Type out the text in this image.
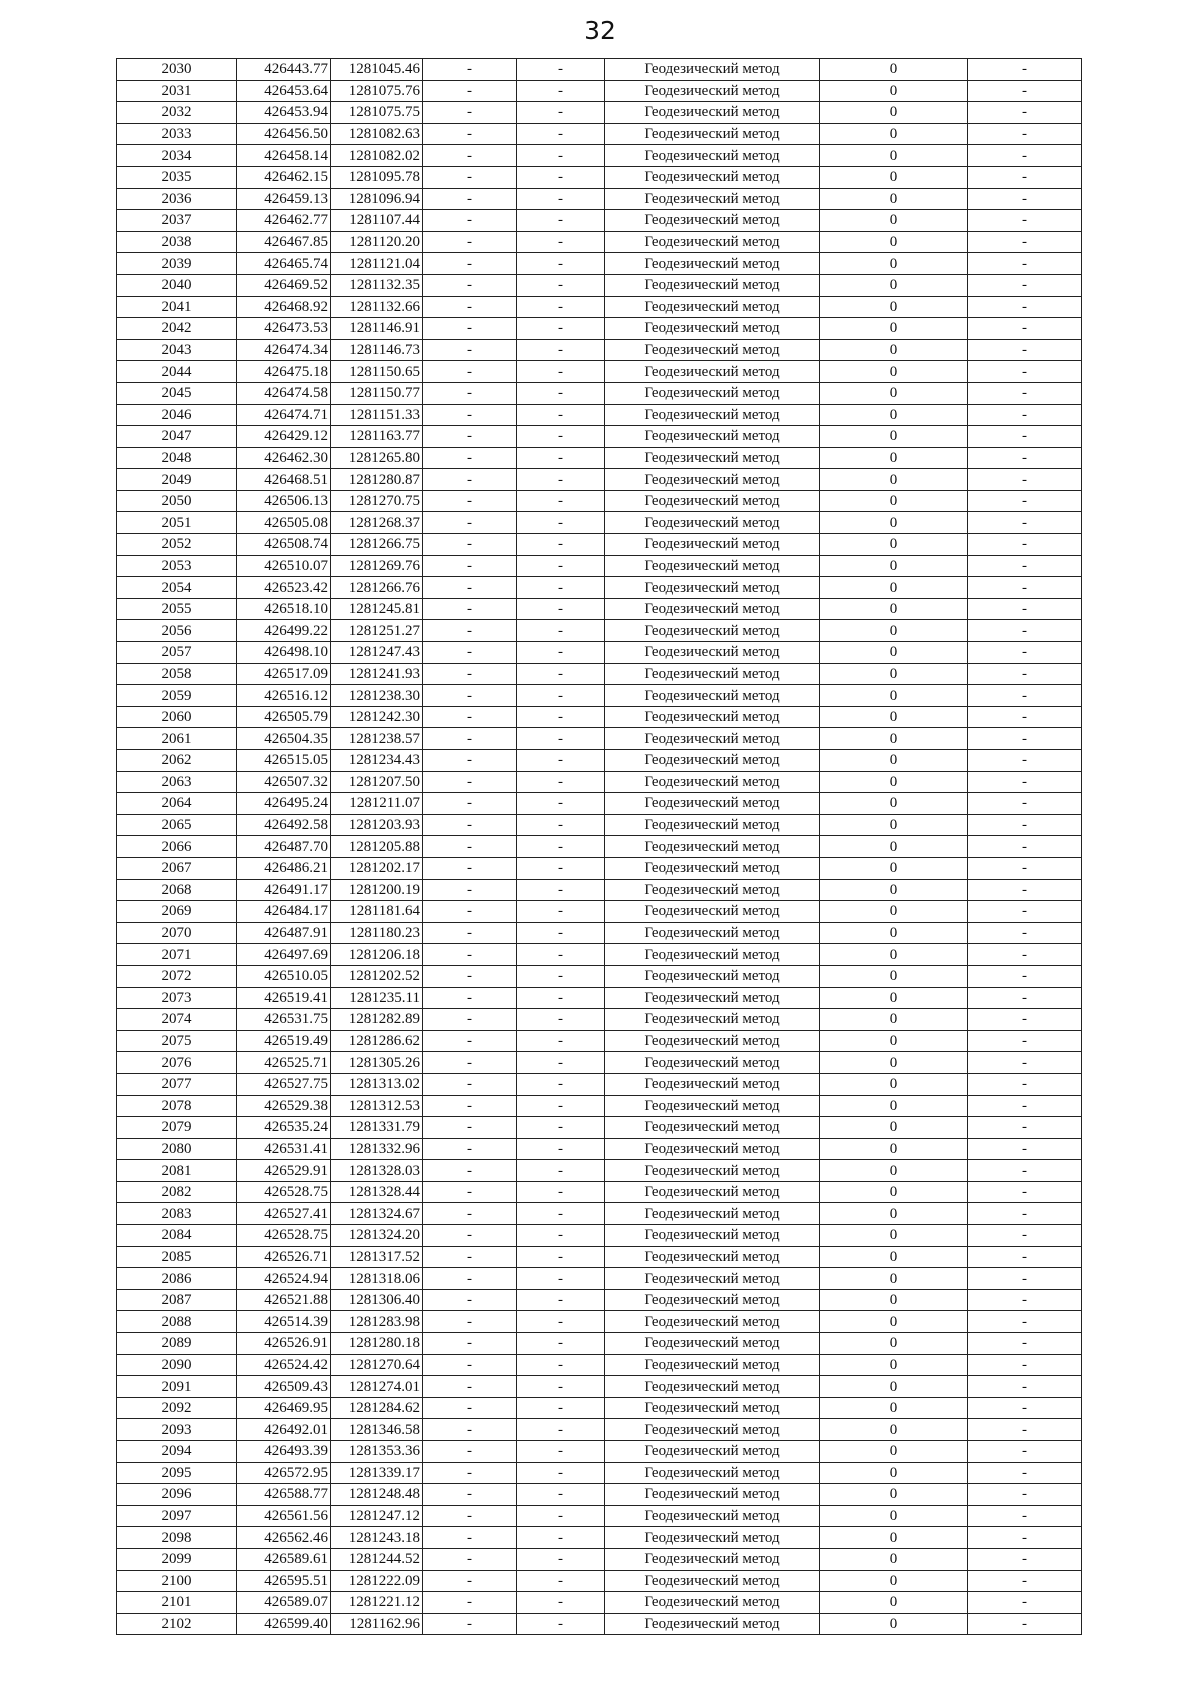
32
2030	426443.77	1281045.46	-	-	Геодезический метод	0	-
2031	426453.64	1281075.76	-	-	Геодезический метод	0	-
2032	426453.94	1281075.75	-	-	Геодезический метод	0	-
2033	426456.50	1281082.63	-	-	Геодезический метод	0	-
2034	426458.14	1281082.02	-	-	Геодезический метод	0	-
2035	426462.15	1281095.78	-	-	Геодезический метод	0	-
2036	426459.13	1281096.94	-	-	Геодезический метод	0	-
2037	426462.77	1281107.44	-	-	Геодезический метод	0	-
2038	426467.85	1281120.20	-	-	Геодезический метод	0	-
2039	426465.74	1281121.04	-	-	Геодезический метод	0	-
2040	426469.52	1281132.35	-	-	Геодезический метод	0	-
2041	426468.92	1281132.66	-	-	Геодезический метод	0	-
2042	426473.53	1281146.91	-	-	Геодезический метод	0	-
2043	426474.34	1281146.73	-	-	Геодезический метод	0	-
2044	426475.18	1281150.65	-	-	Геодезический метод	0	-
2045	426474.58	1281150.77	-	-	Геодезический метод	0	-
2046	426474.71	1281151.33	-	-	Геодезический метод	0	-
2047	426429.12	1281163.77	-	-	Геодезический метод	0	-
2048	426462.30	1281265.80	-	-	Геодезический метод	0	-
2049	426468.51	1281280.87	-	-	Геодезический метод	0	-
2050	426506.13	1281270.75	-	-	Геодезический метод	0	-
2051	426505.08	1281268.37	-	-	Геодезический метод	0	-
2052	426508.74	1281266.75	-	-	Геодезический метод	0	-
2053	426510.07	1281269.76	-	-	Геодезический метод	0	-
2054	426523.42	1281266.76	-	-	Геодезический метод	0	-
2055	426518.10	1281245.81	-	-	Геодезический метод	0	-
2056	426499.22	1281251.27	-	-	Геодезический метод	0	-
2057	426498.10	1281247.43	-	-	Геодезический метод	0	-
2058	426517.09	1281241.93	-	-	Геодезический метод	0	-
2059	426516.12	1281238.30	-	-	Геодезический метод	0	-
2060	426505.79	1281242.30	-	-	Геодезический метод	0	-
2061	426504.35	1281238.57	-	-	Геодезический метод	0	-
2062	426515.05	1281234.43	-	-	Геодезический метод	0	-
2063	426507.32	1281207.50	-	-	Геодезический метод	0	-
2064	426495.24	1281211.07	-	-	Геодезический метод	0	-
2065	426492.58	1281203.93	-	-	Геодезический метод	0	-
2066	426487.70	1281205.88	-	-	Геодезический метод	0	-
2067	426486.21	1281202.17	-	-	Геодезический метод	0	-
2068	426491.17	1281200.19	-	-	Геодезический метод	0	-
2069	426484.17	1281181.64	-	-	Геодезический метод	0	-
2070	426487.91	1281180.23	-	-	Геодезический метод	0	-
2071	426497.69	1281206.18	-	-	Геодезический метод	0	-
2072	426510.05	1281202.52	-	-	Геодезический метод	0	-
2073	426519.41	1281235.11	-	-	Геодезический метод	0	-
2074	426531.75	1281282.89	-	-	Геодезический метод	0	-
2075	426519.49	1281286.62	-	-	Геодезический метод	0	-
2076	426525.71	1281305.26	-	-	Геодезический метод	0	-
2077	426527.75	1281313.02	-	-	Геодезический метод	0	-
2078	426529.38	1281312.53	-	-	Геодезический метод	0	-
2079	426535.24	1281331.79	-	-	Геодезический метод	0	-
2080	426531.41	1281332.96	-	-	Геодезический метод	0	-
2081	426529.91	1281328.03	-	-	Геодезический метод	0	-
2082	426528.75	1281328.44	-	-	Геодезический метод	0	-
2083	426527.41	1281324.67	-	-	Геодезический метод	0	-
2084	426528.75	1281324.20	-	-	Геодезический метод	0	-
2085	426526.71	1281317.52	-	-	Геодезический метод	0	-
2086	426524.94	1281318.06	-	-	Геодезический метод	0	-
2087	426521.88	1281306.40	-	-	Геодезический метод	0	-
2088	426514.39	1281283.98	-	-	Геодезический метод	0	-
2089	426526.91	1281280.18	-	-	Геодезический метод	0	-
2090	426524.42	1281270.64	-	-	Геодезический метод	0	-
2091	426509.43	1281274.01	-	-	Геодезический метод	0	-
2092	426469.95	1281284.62	-	-	Геодезический метод	0	-
2093	426492.01	1281346.58	-	-	Геодезический метод	0	-
2094	426493.39	1281353.36	-	-	Геодезический метод	0	-
2095	426572.95	1281339.17	-	-	Геодезический метод	0	-
2096	426588.77	1281248.48	-	-	Геодезический метод	0	-
2097	426561.56	1281247.12	-	-	Геодезический метод	0	-
2098	426562.46	1281243.18	-	-	Геодезический метод	0	-
2099	426589.61	1281244.52	-	-	Геодезический метод	0	-
2100	426595.51	1281222.09	-	-	Геодезический метод	0	-
2101	426589.07	1281221.12	-	-	Геодезический метод	0	-
2102	426599.40	1281162.96	-	-	Геодезический метод	0	-
